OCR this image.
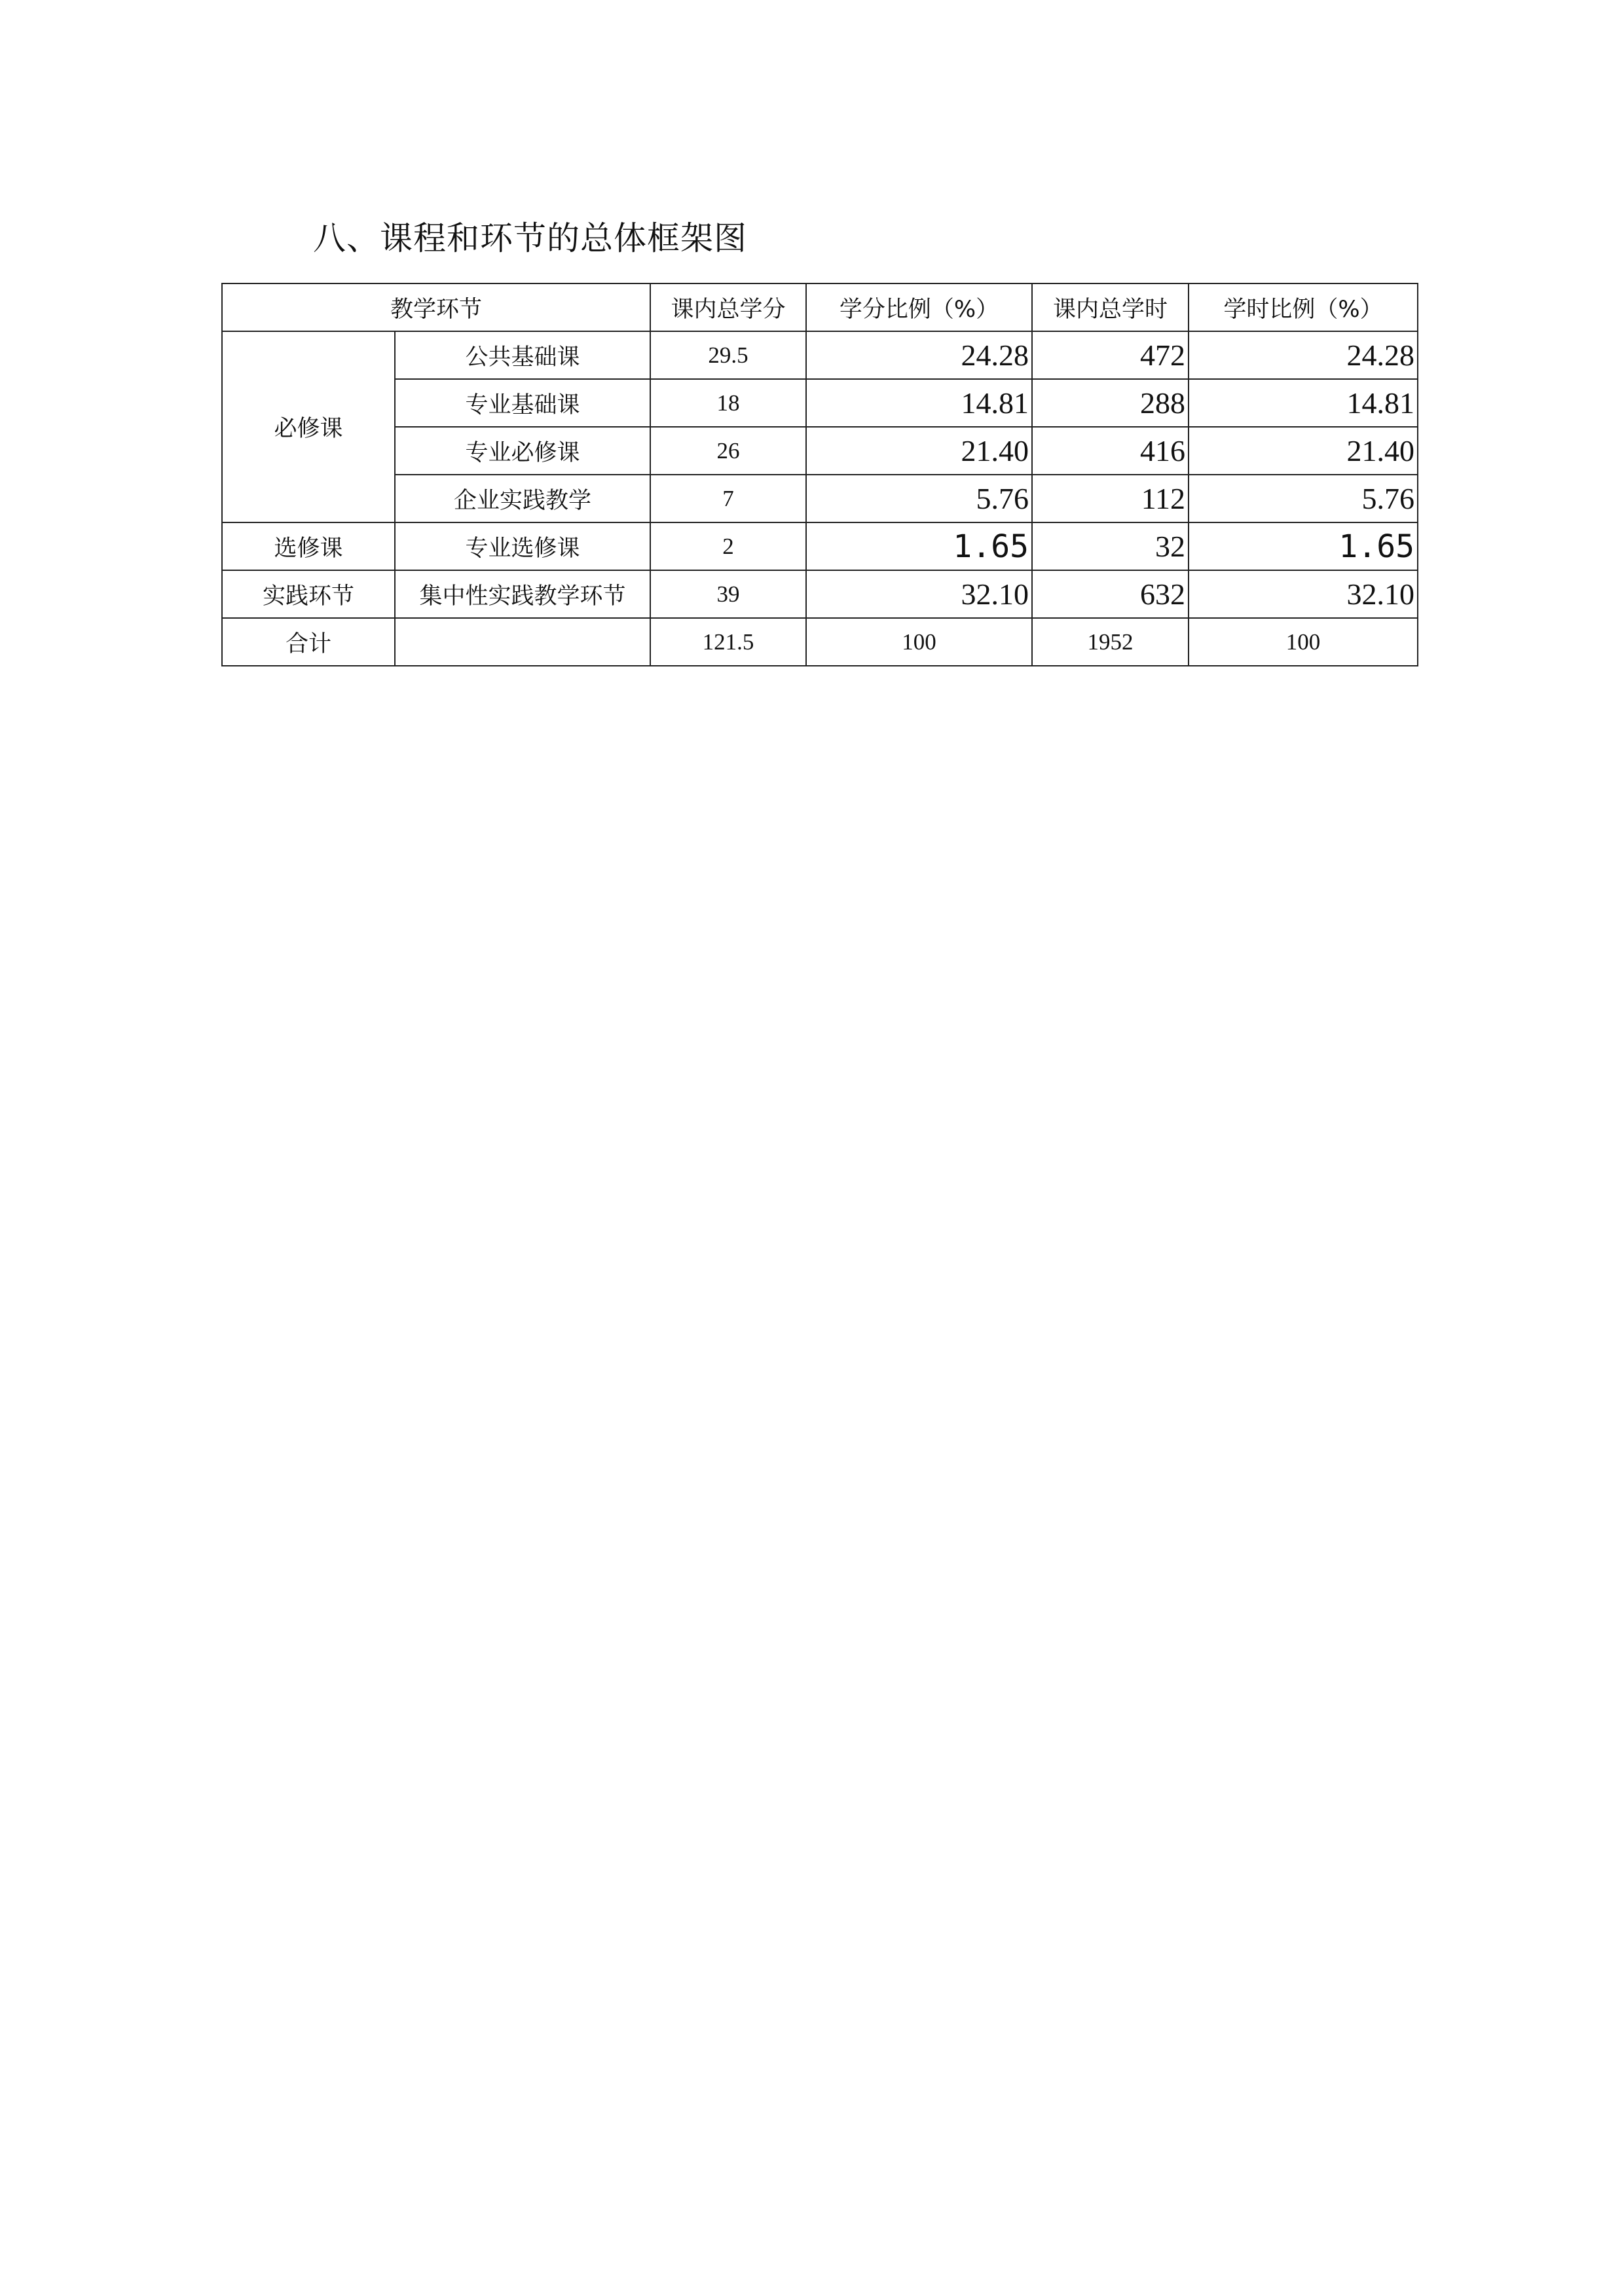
八、课程和环节的总体框架图
教学环节		课内总学分	学分比例（%）	课内总学时	学时比例（%）
必修课	公共基础课	29.5	24.28	472	24.28
	专业基础课	18	14.81	288	14.81
	专业必修课	26	21.40	416	21.40
	企业实践教学	7	5.76	112	5.76
选修课	专业选修课	2	1.65	32	1.65
实践环节	集中性实践教学环节	39	32.10	632	32.10
合计		121.5	100	1952	100
